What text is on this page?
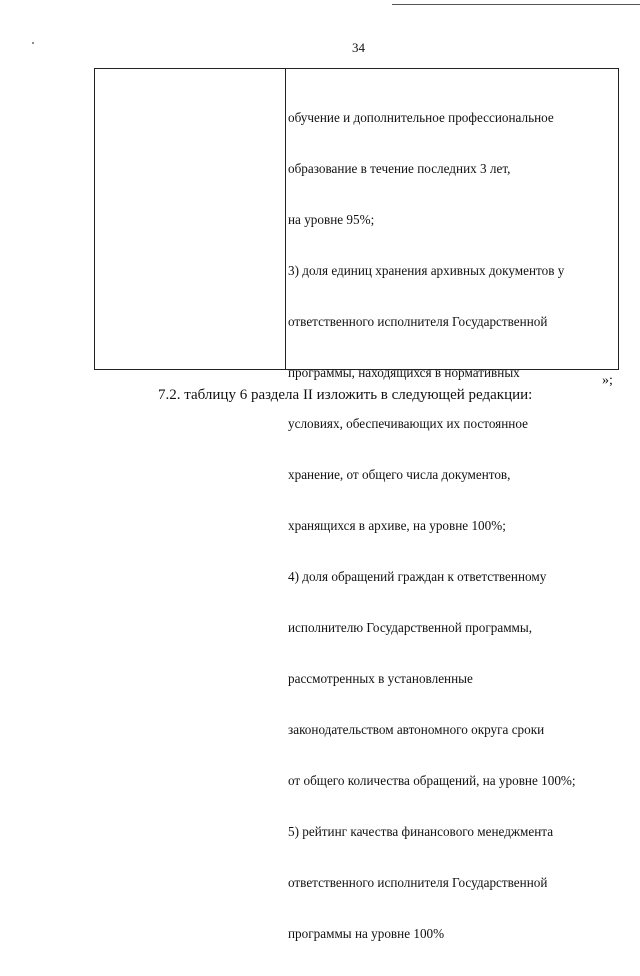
34

обучение и дополнительное профессиональное

образование в течение последних 3 лет,

на уровне 95%;

3) доля единиц хранения архивных документов у

ответственного исполнителя Государственной

программы, находящихся в нормативных

условиях, обеспечивающих их постоянное

хранение, от общего числа документов,

хранящихся в архиве, на уровне 100%;

4) доля обращений граждан к ответственному

исполнителю Государственной программы,

рассмотренных в установленные

законодательством автономного округа сроки

от общего количества обращений, на уровне 100%;

5) рейтинг качества финансового менеджмента

ответственного исполнителя Государственной

программы на уровне 100%

»;
7.2. таблицу 6 раздела II изложить в следующей редакции:
